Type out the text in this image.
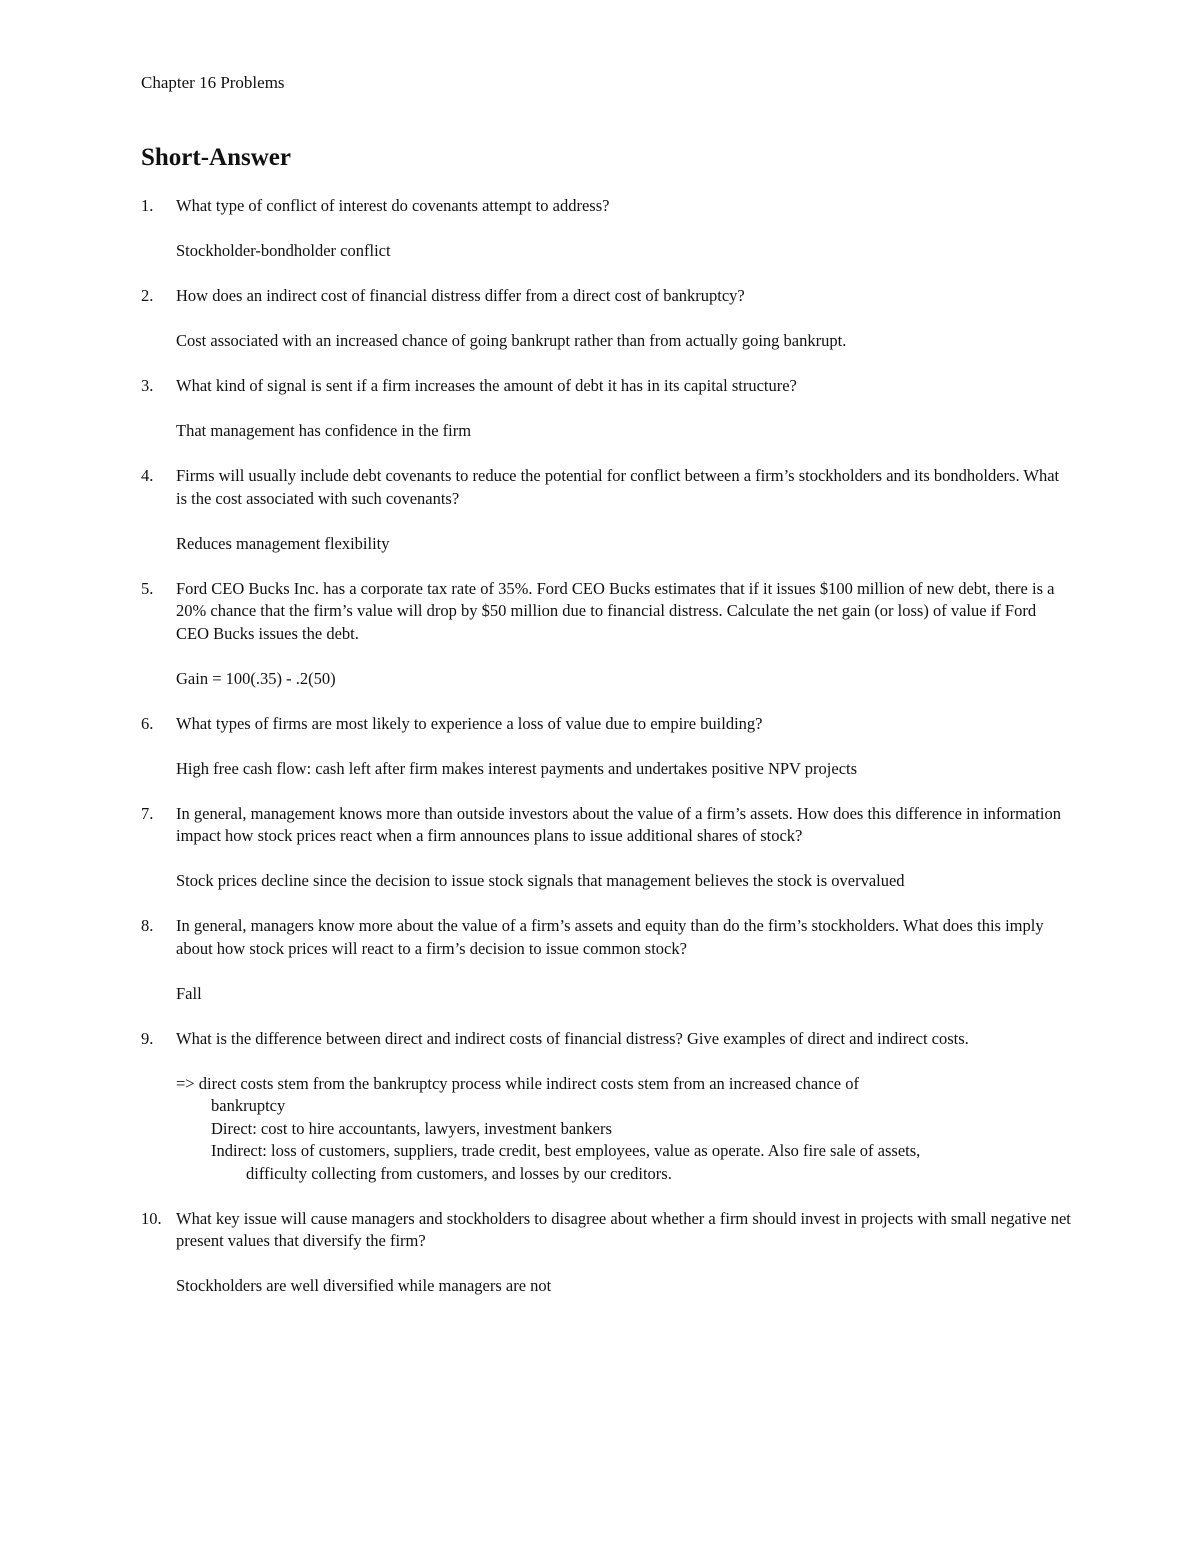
Chapter 16 Problems
Short-Answer

1. What type of conflict of interest do covenants attempt to address?

Stockholder-bondholder conflict

2. How does an indirect cost of financial distress differ from a direct cost of bankruptcy?

Cost associated with an increased chance of going bankrupt rather than from actually going bankrupt.

3. What kind of signal is sent if a firm increases the amount of debt it has in its capital structure?

That management has confidence in the firm

4. Firms will usually include debt covenants to reduce the potential for conflict between a firm’s stockholders and its bondholders. What is the cost associated with such covenants?

Reduces management flexibility

5. Ford CEO Bucks Inc. has a corporate tax rate of 35%. Ford CEO Bucks estimates that if it issues $100 million of new debt, there is a 20% chance that the firm’s value will drop by $50 million due to financial distress. Calculate the net gain (or loss) of value if Ford CEO Bucks issues the debt.

Gain = 100(.35) - .2(50)

6. What types of firms are most likely to experience a loss of value due to empire building?

High free cash flow: cash left after firm makes interest payments and undertakes positive NPV projects

7. In general, management knows more than outside investors about the value of a firm’s assets. How does this difference in information impact how stock prices react when a firm announces plans to issue additional shares of stock?

Stock prices decline since the decision to issue stock signals that management believes the stock is overvalued

8. In general, managers know more about the value of a firm’s assets and equity than do the firm’s stockholders. What does this imply about how stock prices will react to a firm’s decision to issue common stock?

Fall

9. What is the difference between direct and indirect costs of financial distress? Give examples of direct and indirect costs.

=> direct costs stem from the bankruptcy process while indirect costs stem from an increased chance of

bankruptcy

Direct: cost to hire accountants, lawyers, investment bankers

Indirect: loss of customers, suppliers, trade credit, best employees, value as operate. Also fire sale of assets,

difficulty collecting from customers, and losses by our creditors.

10. What key issue will cause managers and stockholders to disagree about whether a firm should invest in projects with small negative net present values that diversify the firm?

Stockholders are well diversified while managers are not
